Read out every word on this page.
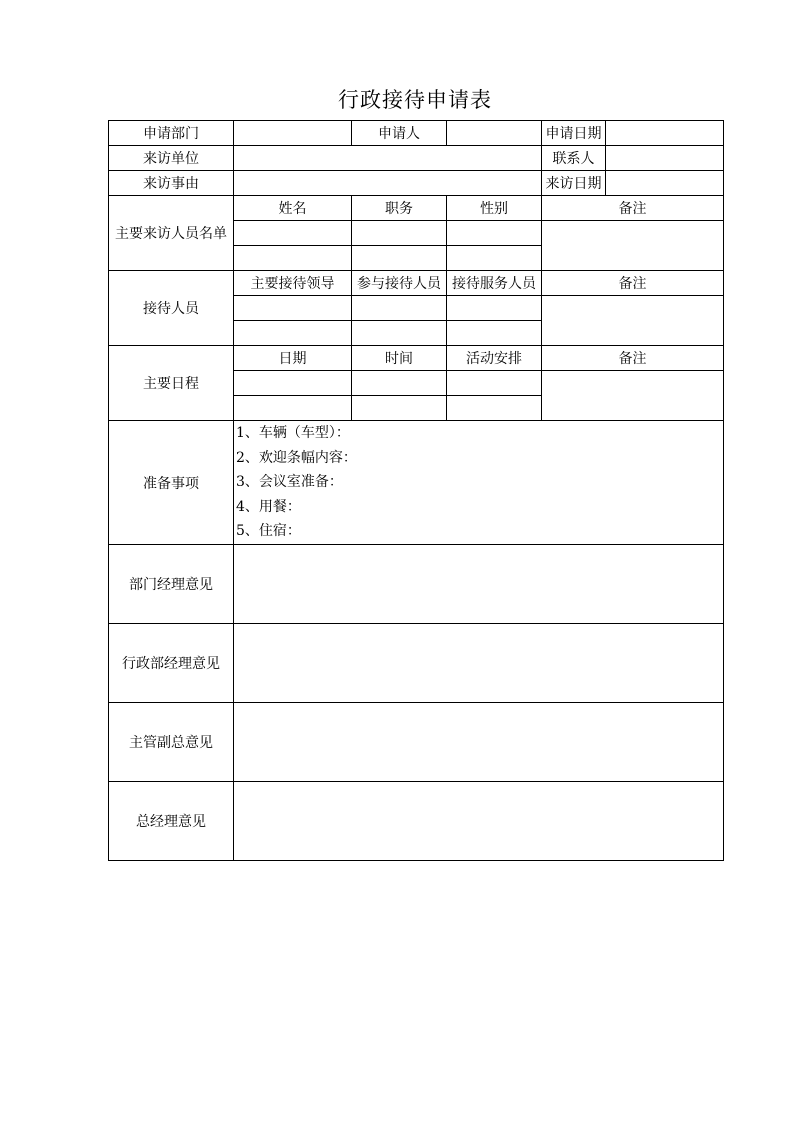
行政接待申请表
申请部门		申请人		申请日期	
来访单位				联系人	
来访事由				来访日期	
主要来访人员名单	姓名	职务	性别	备注	

接待人员	主要接待领导	参与接待人员	接待服务人员	备注	

主要日程	日期	时间	活动安排	备注	

准备事项	1、车辆（车型）：
2、欢迎条幅内容：
3、会议室准备：
4、用餐：
5、住宿：				

部门经理意见					
行政部经理意见					
主管副总意见					
总经理意见					
